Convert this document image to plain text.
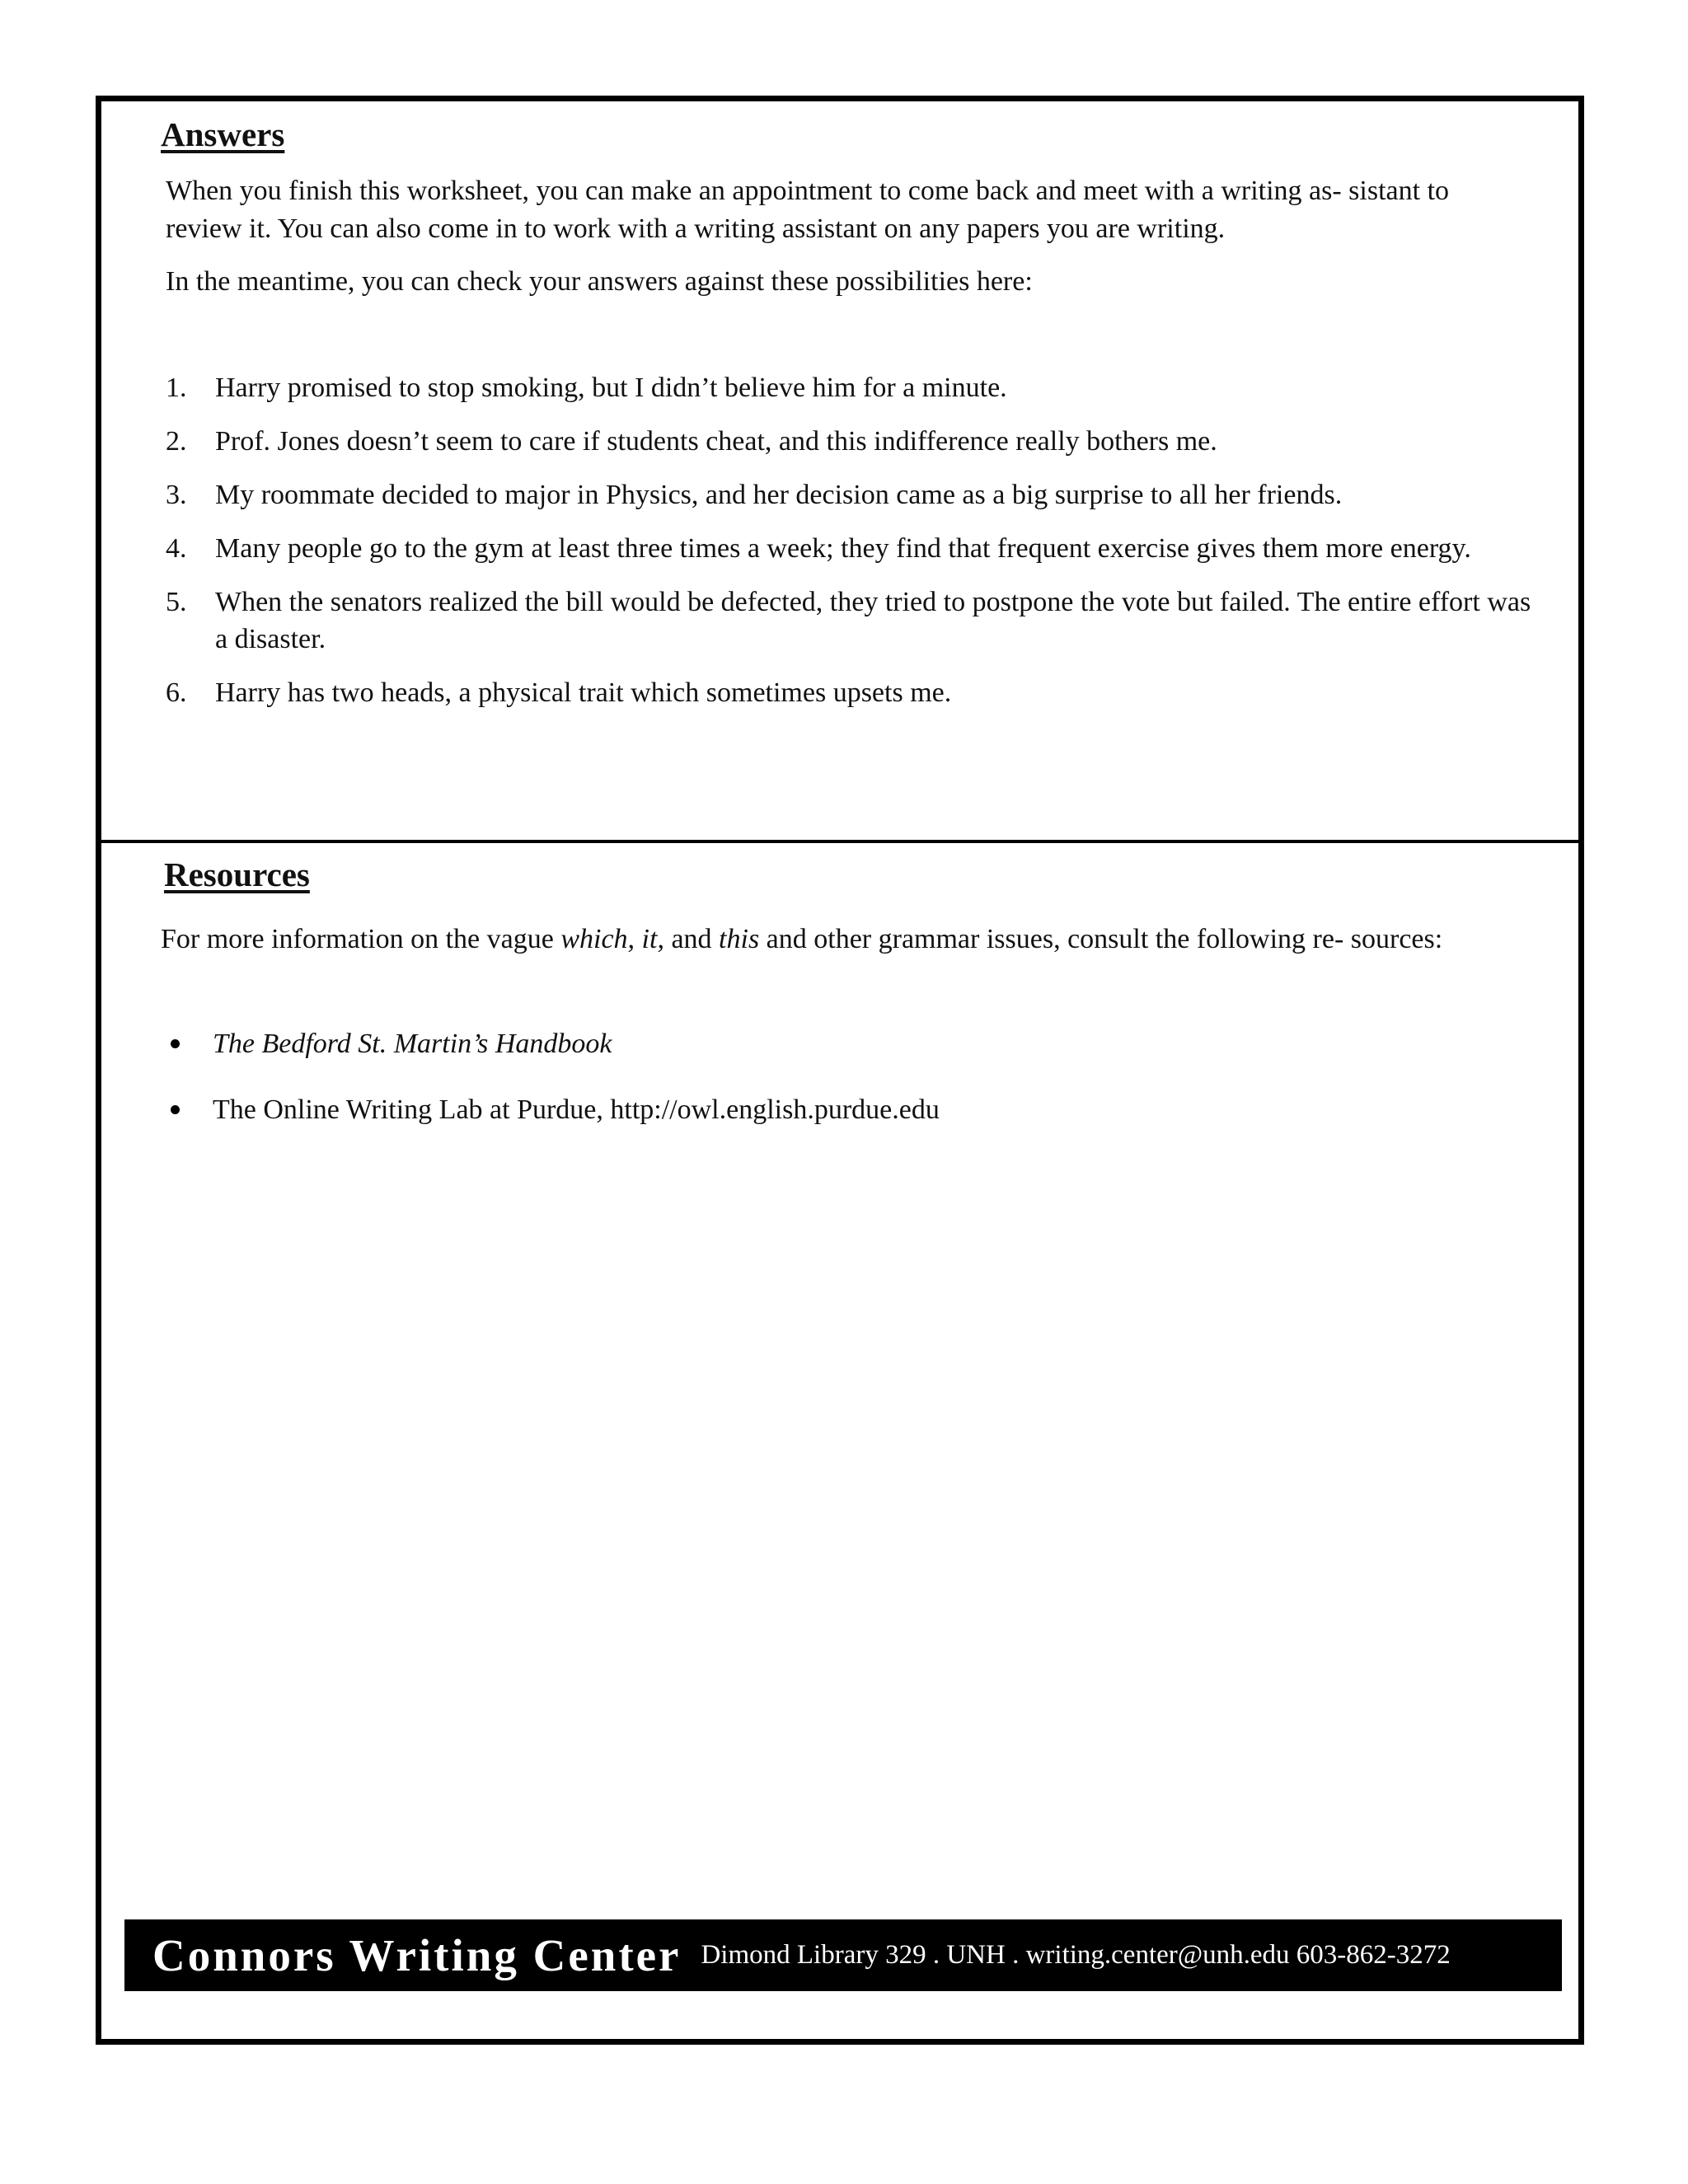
Answers

When you finish this worksheet, you can make an appointment to come back and meet with a writing as- sistant to review it. You can also come in to work with a writing assistant on any papers you are writing.

In the meantime, you can check your answers against these possibilities here:

1. Harry promised to stop smoking, but I didn’t believe him for a minute.
2. Prof. Jones doesn’t seem to care if students cheat, and this indifference really bothers me.
3. My roommate decided to major in Physics, and her decision came as a big surprise to all her friends.
4. Many people go to the gym at least three times a week; they find that frequent exercise gives them more energy.
5. When the senators realized the bill would be defected, they tried to postpone the vote but failed. The entire effort was a disaster.
6. Harry has two heads, a physical trait which sometimes upsets me.
Resources

For more information on the vague which, it, and this and other grammar issues, consult the following re- sources:

The Bedford St. Martin’s Handbook
The Online Writing Lab at Purdue, http://owl.english.purdue.edu
Connors Writing Center Dimond Library 329 . UNH . writing.center@unh.edu 603-862-3272
